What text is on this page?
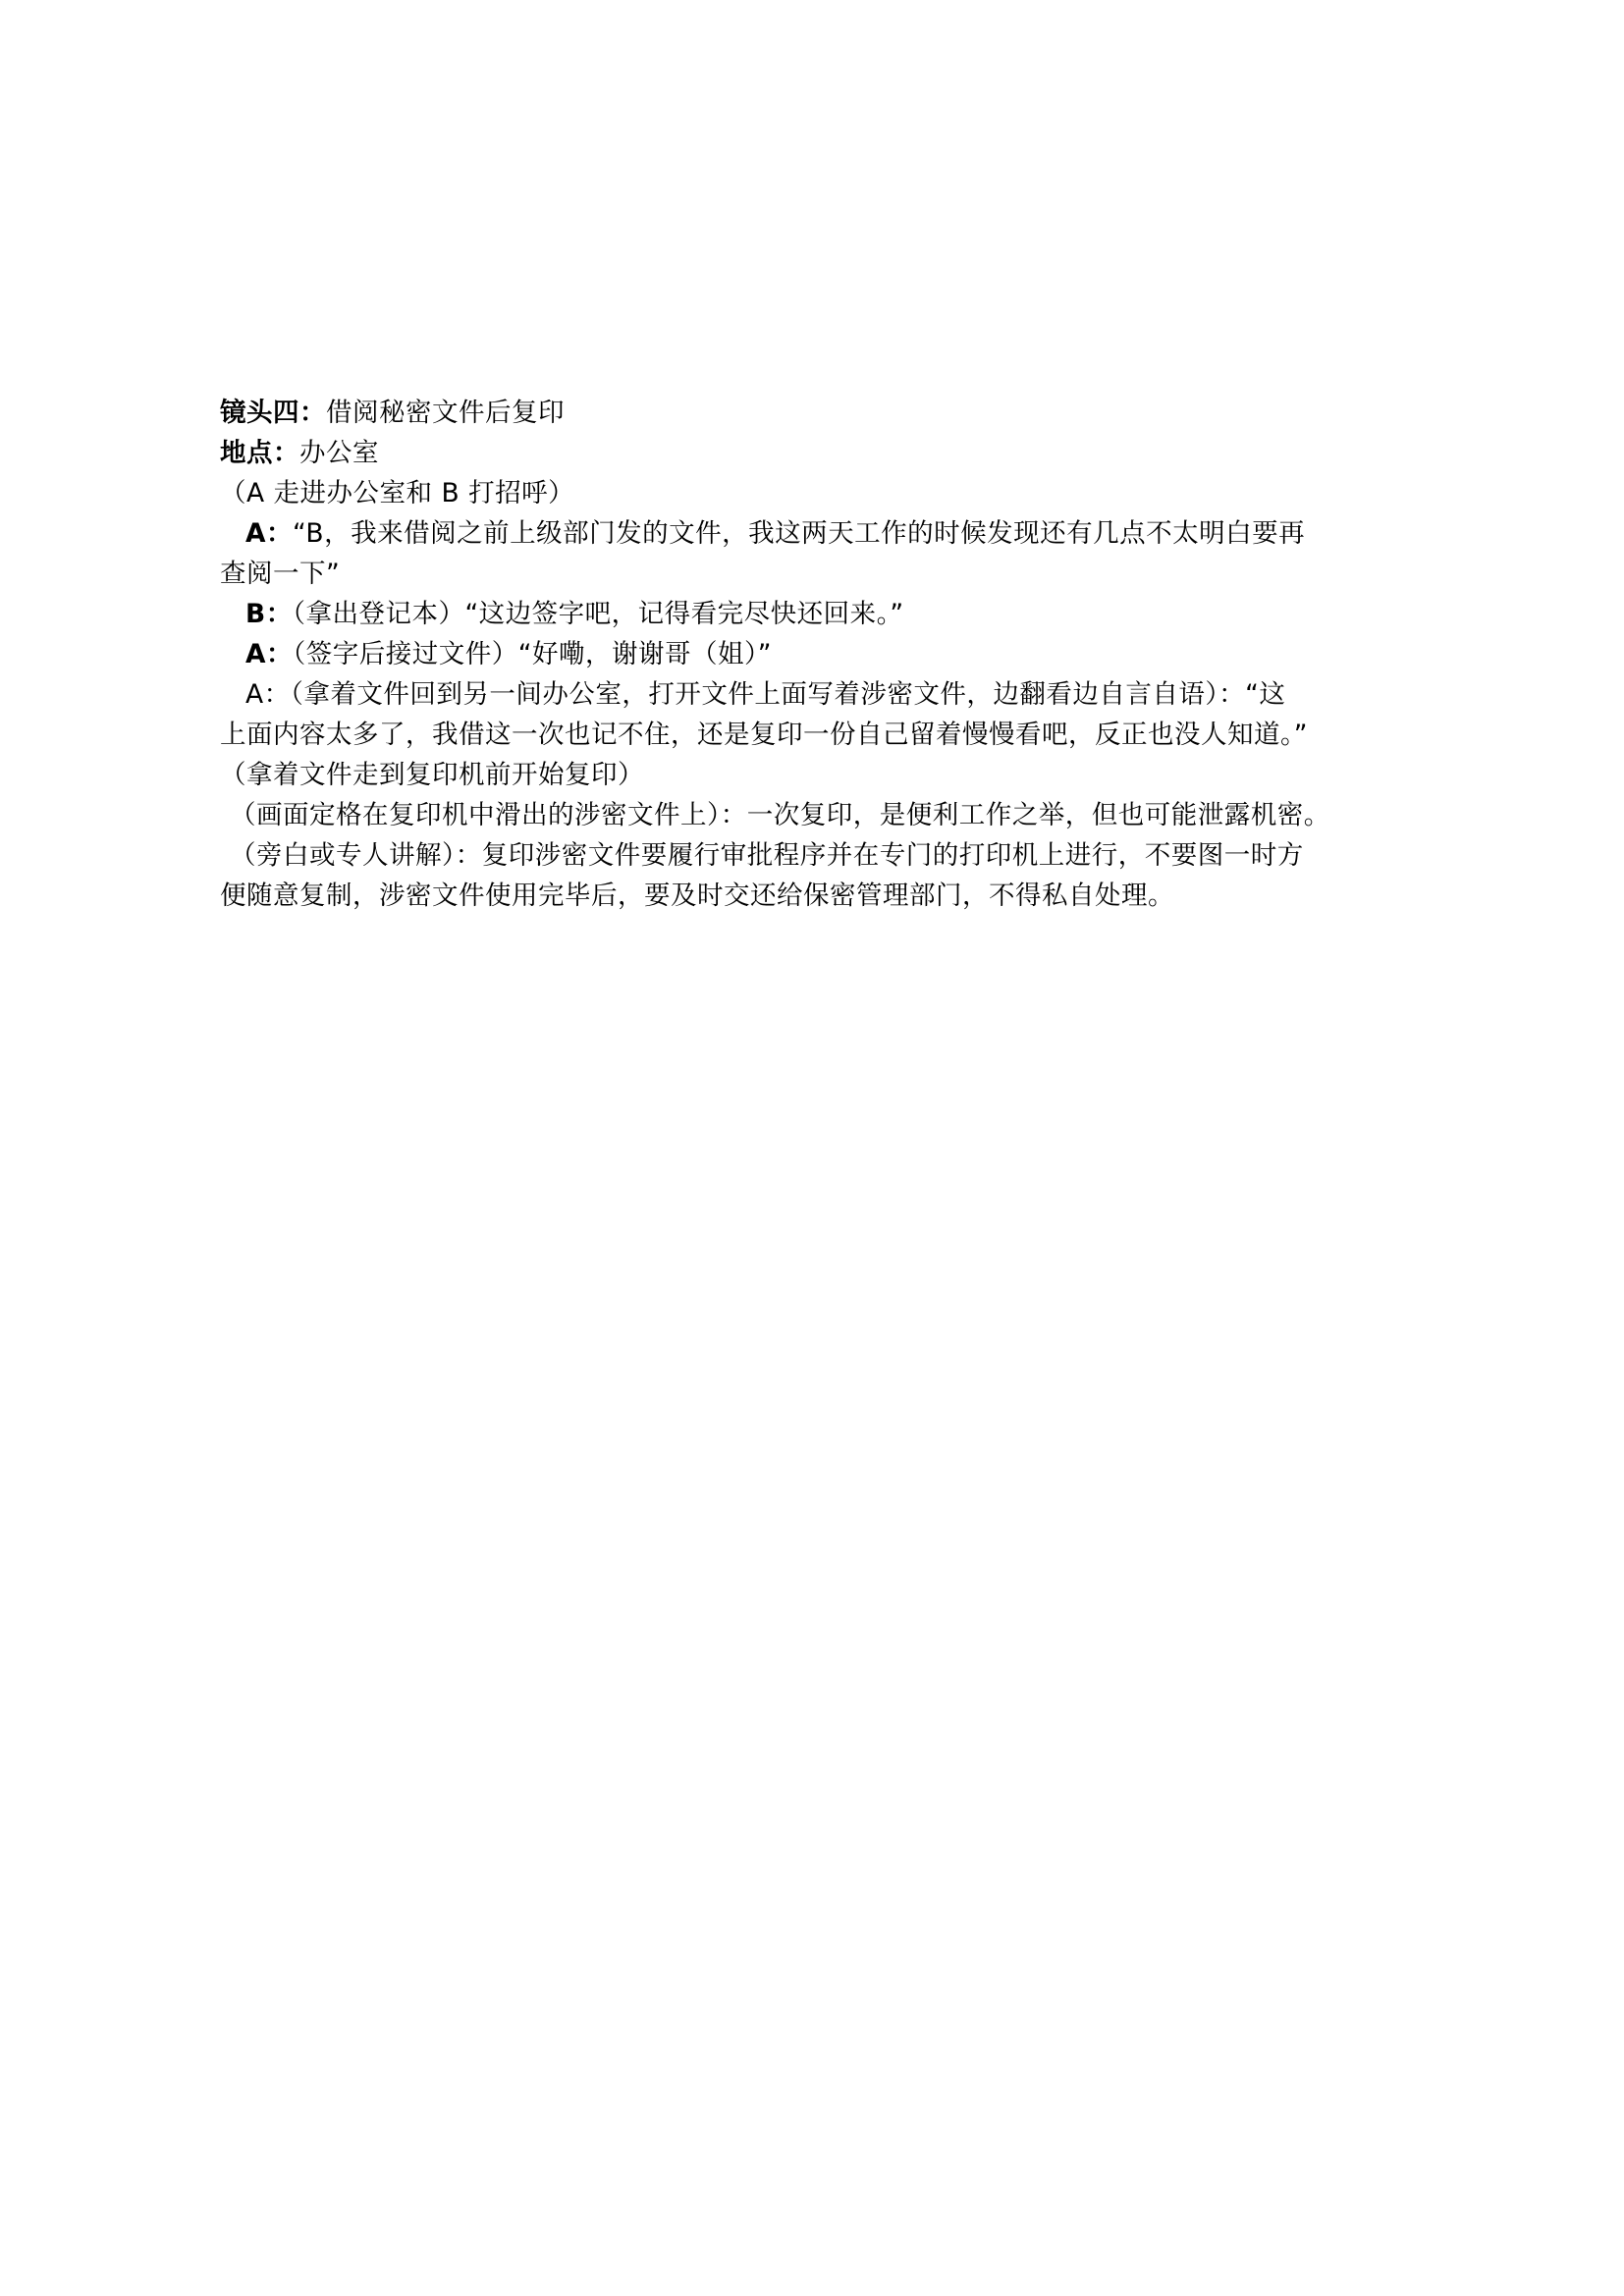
镜头四：借阅秘密文件后复印
地点：办公室
（A 走进办公室和 B 打招呼）
A：“B，我来借阅之前上级部门发的文件，我这两天工作的时候发现还有几点不太明白要再
查阅一下”
B：（拿出登记本）“这边签字吧，记得看完尽快还回来。”
A：（签字后接过文件）“好嘞，谢谢哥（姐）”
A：（拿着文件回到另一间办公室，打开文件上面写着涉密文件，边翻看边自言自语）：“这
上面内容太多了，我借这一次也记不住，还是复印一份自己留着慢慢看吧，反正也没人知道。”
（拿着文件走到复印机前开始复印）
（画面定格在复印机中滑出的涉密文件上）：一次复印，是便利工作之举，但也可能泄露机密。
（旁白或专人讲解）：复印涉密文件要履行审批程序并在专门的打印机上进行，不要图一时方
便随意复制，涉密文件使用完毕后，要及时交还给保密管理部门，不得私自处理。
